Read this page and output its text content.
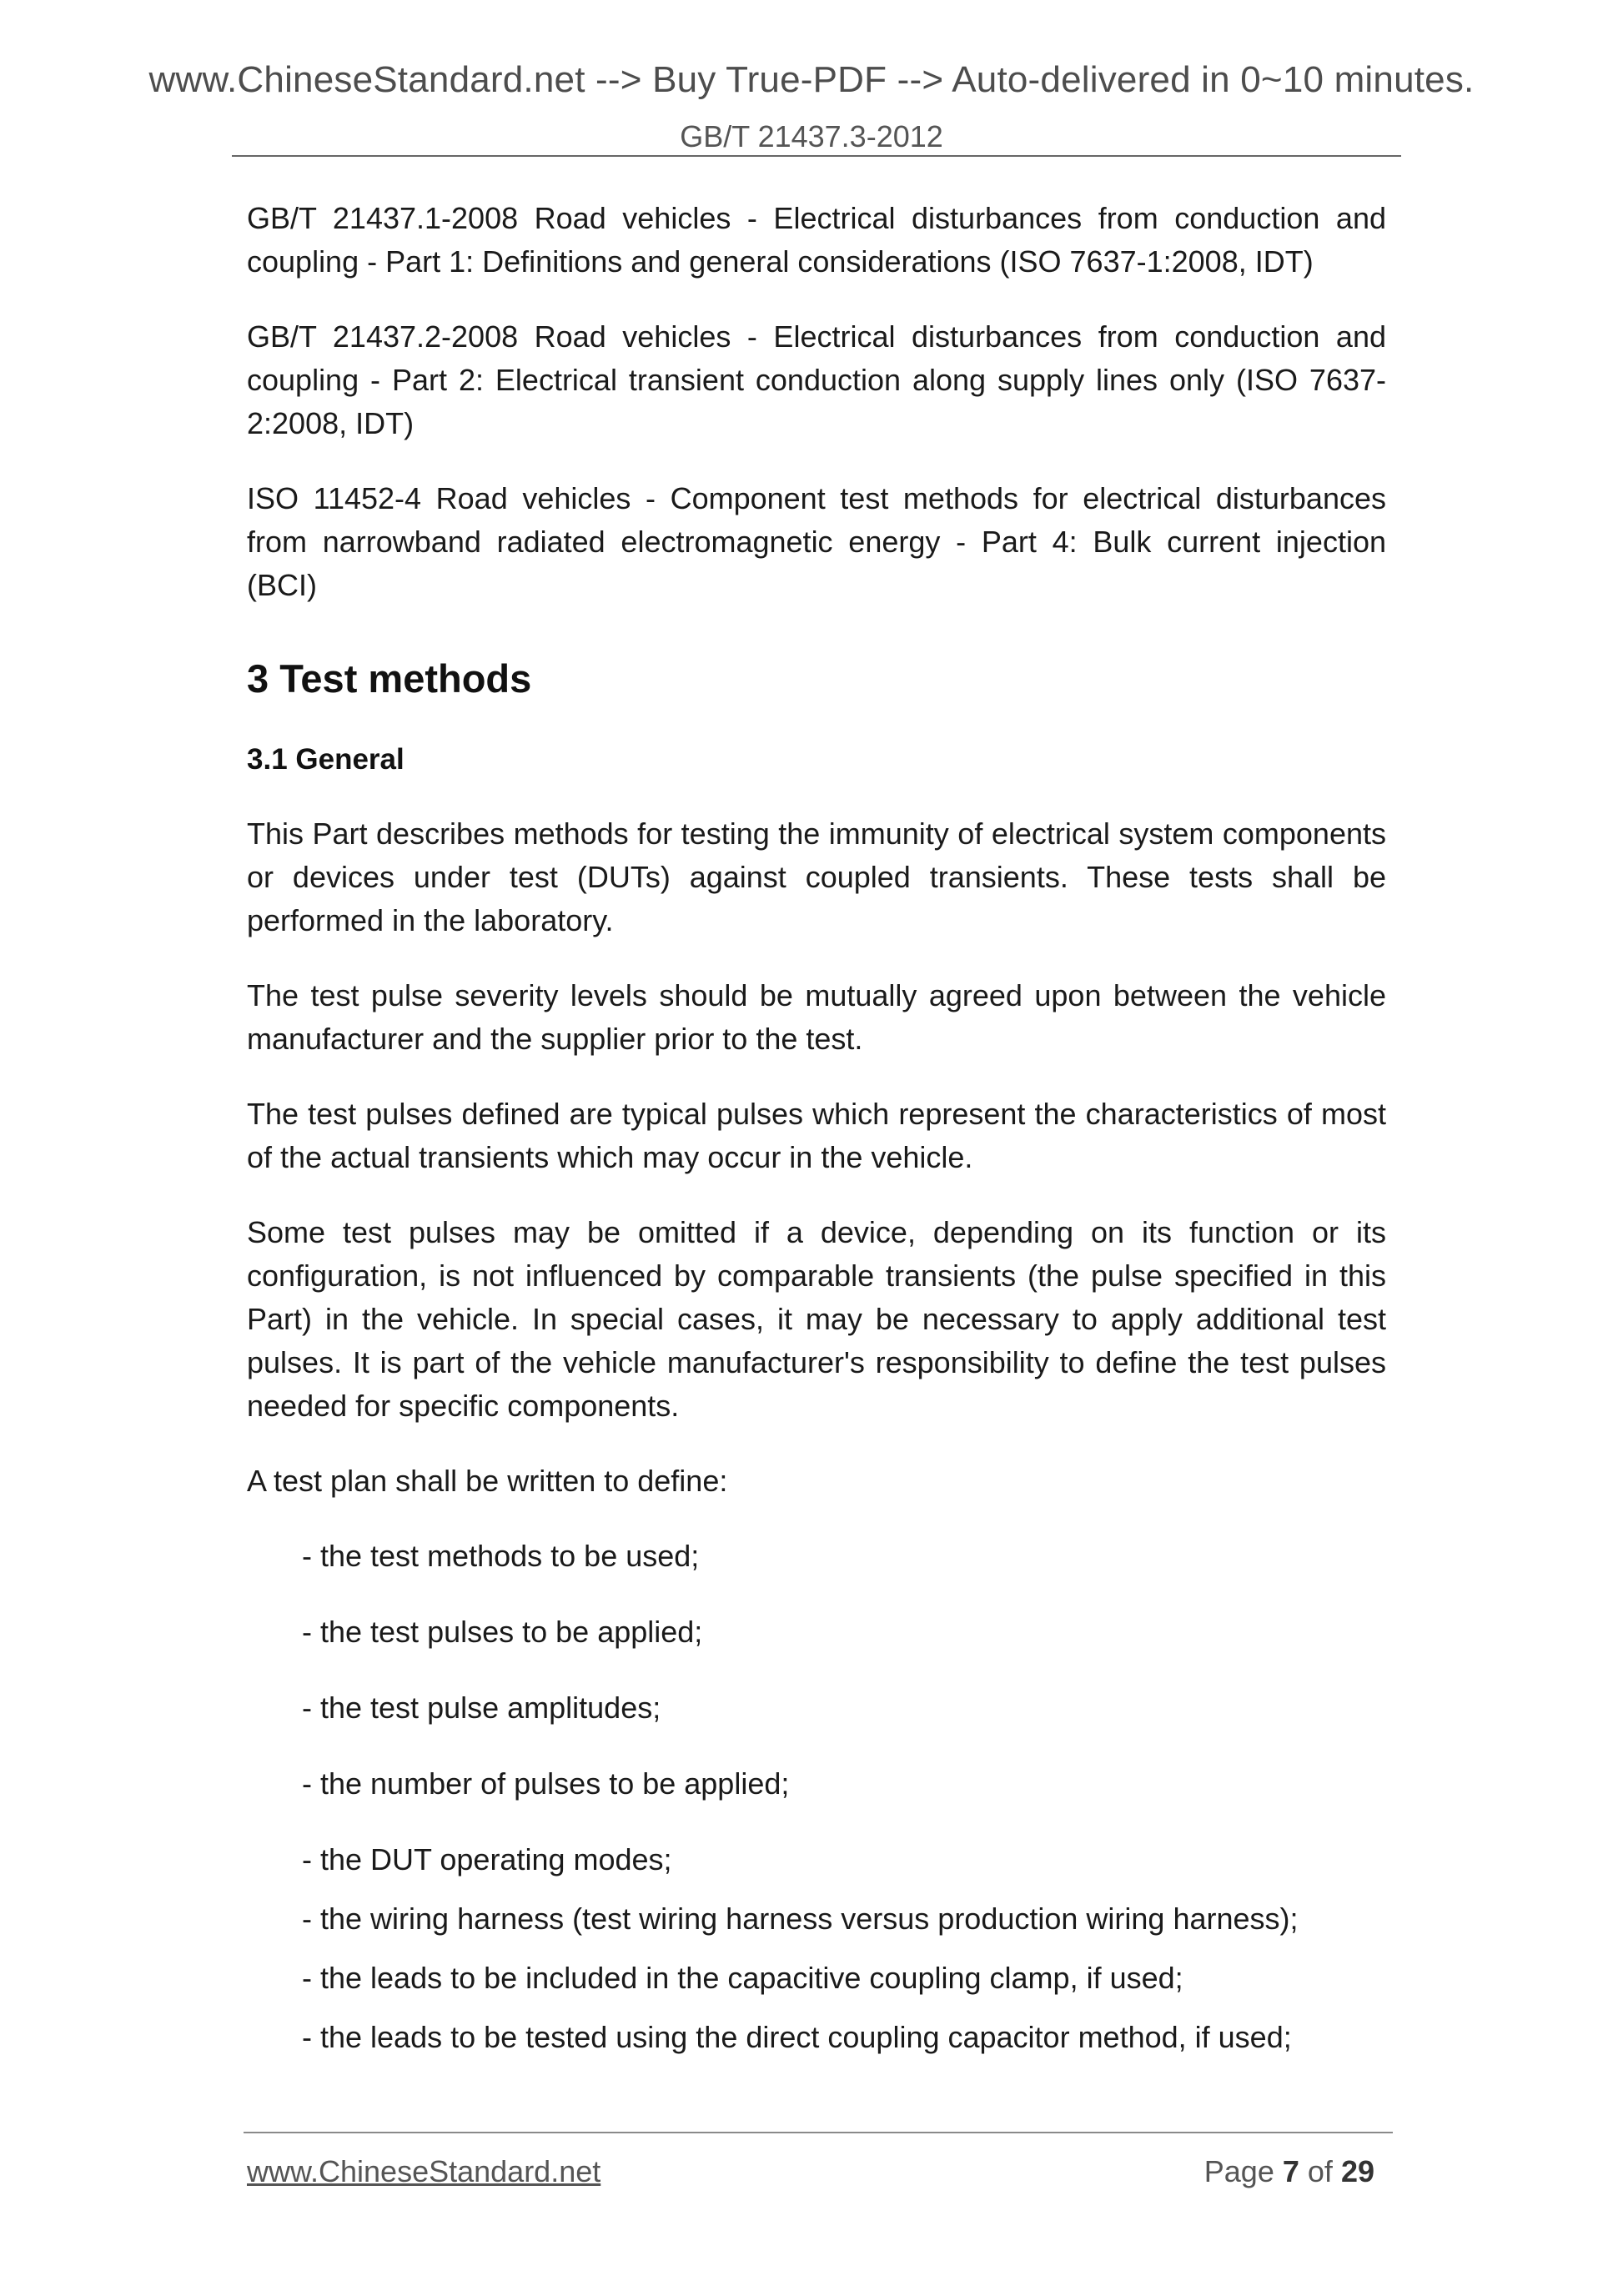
www.ChineseStandard.net --> Buy True-PDF --> Auto-delivered in 0~10 minutes.
GB/T 21437.3-2012

GB/T 21437.1-2008 Road vehicles - Electrical disturbances from conduction and coupling - Part 1: Definitions and general considerations (ISO 7637-1:2008, IDT)

GB/T 21437.2-2008 Road vehicles - Electrical disturbances from conduction and coupling - Part 2: Electrical transient conduction along supply lines only (ISO 7637-2:2008, IDT)

ISO 11452-4 Road vehicles - Component test methods for electrical disturbances from narrowband radiated electromagnetic energy - Part 4: Bulk current injection (BCI)

3 Test methods
3.1 General

This Part describes methods for testing the immunity of electrical system components or devices under test (DUTs) against coupled transients. These tests shall be performed in the laboratory.

The test pulse severity levels should be mutually agreed upon between the vehicle manufacturer and the supplier prior to the test.

The test pulses defined are typical pulses which represent the characteristics of most of the actual transients which may occur in the vehicle.

Some test pulses may be omitted if a device, depending on its function or its configuration, is not influenced by comparable transients (the pulse specified in this Part) in the vehicle. In special cases, it may be necessary to apply additional test pulses. It is part of the vehicle manufacturer's responsibility to define the test pulses needed for specific components.

A test plan shall be written to define:

- the test methods to be used;
- the test pulses to be applied;
- the test pulse amplitudes;
- the number of pulses to be applied;
- the DUT operating modes;
- the wiring harness (test wiring harness versus production wiring harness);
- the leads to be included in the capacitive coupling clamp, if used;
- the leads to be tested using the direct coupling capacitor method, if used;
www.ChineseStandard.net	Page 7 of 29
